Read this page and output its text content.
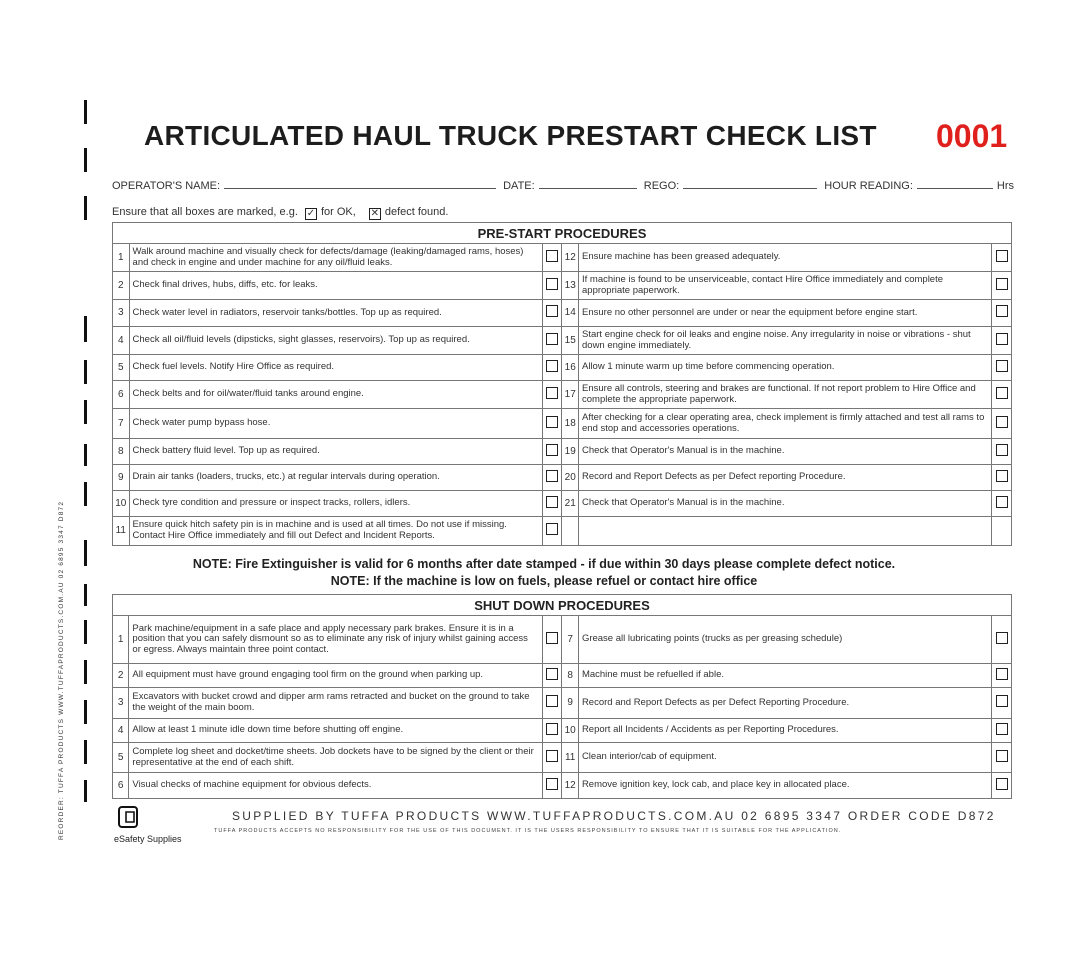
REORDER: TUFFA PRODUCTS WWW.TUFFAPRODUCTS.COM.AU 02 6895 3347 D872
ARTICULATED HAUL TRUCK PRESTART CHECK LIST 0001
OPERATOR'S NAME:	DATE:	REGO:	HOUR READING:	Hrs
Ensure that all boxes are marked, e.g. ✓ for OK, ✕ defect found.
PRE-START PROCEDURES					
1	Walk around machine and visually check for defects/damage (leaking/damaged rams, hoses) and check in engine and under machine for any oil/fluid leaks.		12	Ensure machine has been greased adequately.	
2	Check final drives, hubs, diffs, etc. for leaks.		13	If machine is found to be unserviceable, contact Hire Office immediately and complete appropriate paperwork.	
3	Check water level in radiators, reservoir tanks/bottles. Top up as required.		14	Ensure no other personnel are under or near the equipment before engine start.	
4	Check all oil/fluid levels (dipsticks, sight glasses, reservoirs). Top up as required.		15	Start engine check for oil leaks and engine noise. Any irregularity in noise or vibrations - shut down engine immediately.	
5	Check fuel levels. Notify Hire Office as required.		16	Allow 1 minute warm up time before commencing operation.	
6	Check belts and for oil/water/fluid tanks around engine.		17	Ensure all controls, steering and brakes are functional. If not report problem to Hire Office and complete the appropriate paperwork.	
7	Check water pump bypass hose.		18	After checking for a clear operating area, check implement is firmly attached and test all rams to end stop and accessories operations.	
8	Check battery fluid level. Top up as required.		19	Check that Operator's Manual is in the machine.	
9	Drain air tanks (loaders, trucks, etc.) at regular intervals during operation.		20	Record and Report Defects as per Defect reporting Procedure.	
10	Check tyre condition and pressure or inspect tracks, rollers, idlers.		21	Check that Operator's Manual is in the machine.	
11	Ensure quick hitch safety pin is in machine and is used at all times. Do not use if missing. Contact Hire Office immediately and fill out Defect and Incident Reports.				
NOTE: Fire Extinguisher is valid for 6 months after date stamped - if due within 30 days please complete defect notice.
NOTE: If the machine is low on fuels, please refuel or contact hire office
SHUT DOWN PROCEDURES					
1	Park machine/equipment in a safe place and apply necessary park brakes. Ensure it is in a position that you can safely dismount so as to eliminate any risk of injury whilst gaining access or egress. Always maintain three point contact.		7	Grease all lubricating points (trucks as per greasing schedule)	
2	All equipment must have ground engaging tool firm on the ground when parking up.		8	Machine must be refuelled if able.	
3	Excavators with bucket crowd and dipper arm rams retracted and bucket on the ground to take the weight of the main boom.		9	Record and Report Defects as per Defect Reporting Procedure.	
4	Allow at least 1 minute idle down time before shutting off engine.		10	Report all Incidents / Accidents as per Reporting Procedures.	
5	Complete log sheet and docket/time sheets. Job dockets have to be signed by the client or their representative at the end of each shift.		11	Clean interior/cab of equipment.	
6	Visual checks of machine equipment for obvious defects.		12	Remove ignition key, lock cab, and place key in allocated place.	
eSafety Supplies
SUPPLIED BY TUFFA PRODUCTS WWW.TUFFAPRODUCTS.COM.AU 02 6895 3347 ORDER CODE D872
TUFFA PRODUCTS ACCEPTS NO RESPONSIBILITY FOR THE USE OF THIS DOCUMENT. IT IS THE USERS RESPONSIBILITY TO ENSURE THAT IT IS SUITABLE FOR THE APPLICATION.
